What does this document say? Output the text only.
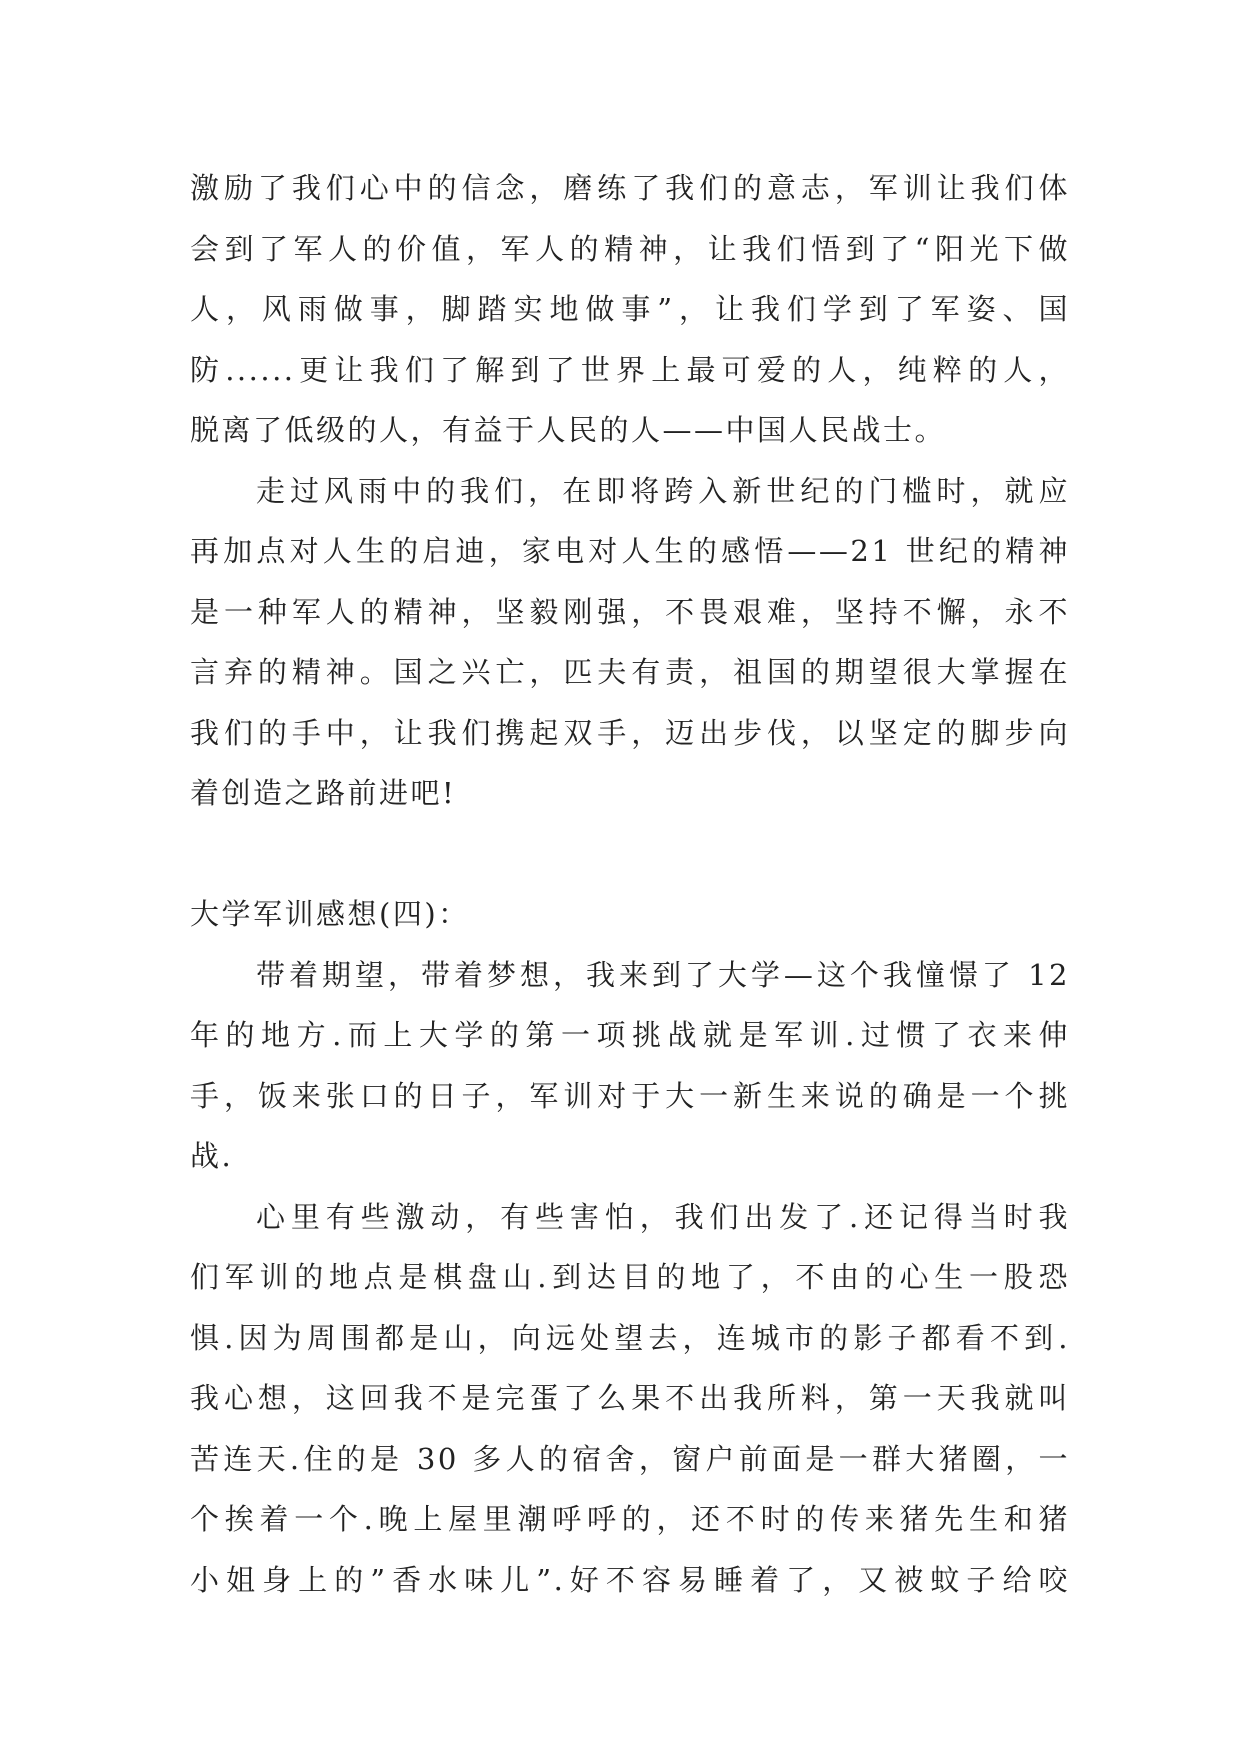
激励了我们心中的信念，磨练了我们的意志，军训让我们体
会到了军人的价值，军人的精神，让我们悟到了“阳光下做
人，风雨做事，脚踏实地做事”，让我们学到了军姿、国
防......更让我们了解到了世界上最可爱的人，纯粹的人，
脱离了低级的人，有益于人民的人——中国人民战士。
走过风雨中的我们，在即将跨入新世纪的门槛时，就应
再加点对人生的启迪，家电对人生的感悟——21 世纪的精神
是一种军人的精神，坚毅刚强，不畏艰难，坚持不懈，永不
言弃的精神。国之兴亡，匹夫有责，祖国的期望很大掌握在
我们的手中，让我们携起双手，迈出步伐，以坚定的脚步向
着创造之路前进吧!
大学军训感想(四)：
带着期望，带着梦想，我来到了大学—这个我憧憬了 12
年的地方.而上大学的第一项挑战就是军训.过惯了衣来伸
手，饭来张口的日子，军训对于大一新生来说的确是一个挑
战.
心里有些激动，有些害怕，我们出发了.还记得当时我
们军训的地点是棋盘山.到达目的地了，不由的心生一股恐
惧.因为周围都是山，向远处望去，连城市的影子都看不到.
我心想，这回我不是完蛋了么果不出我所料，第一天我就叫
苦连天.住的是 30 多人的宿舍，窗户前面是一群大猪圈，一
个挨着一个.晚上屋里潮呼呼的，还不时的传来猪先生和猪
小姐身上的”香水味儿”.好不容易睡着了，又被蚊子给咬
